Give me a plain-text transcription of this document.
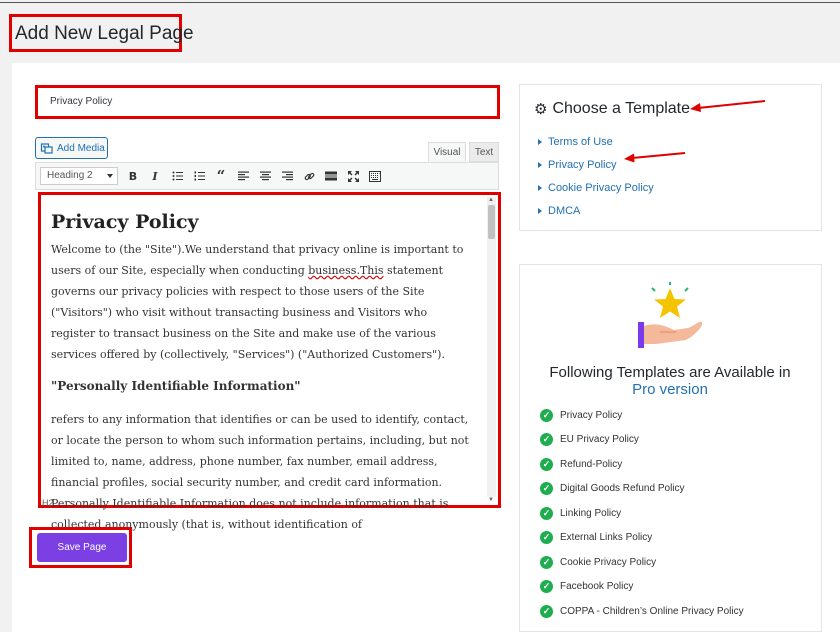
Add New Legal Page
Privacy Policy
Add Media	Visual	Text
Heading 2	B	I	“
Privacy Policy

Welcome to (the "Site").We understand that privacy online is important to users of our Site, especially when conducting business.This statement governs our privacy policies with respect to those users of the Site ("Visitors") who visit without transacting business and Visitors who register to transact business on the Site and make use of the various services offered by (collectively, "Services") ("Authorized Customers").

"Personally Identifiable Information"

refers to any information that identifies or can be used to identify, contact, or locate the person to whom such information pertains, including, but not limited to, name, address, phone number, fax number, email address, financial profiles, social security number, and credit card information. Personally Identifiable Information does not include information that is collected anonymously (that is, without identification of

▲
▼
H2
Save Page
⚙ Choose a Template
Terms of Use
Privacy Policy
Cookie Privacy Policy
DMCA
Following Templates are Available in
Pro version
✓ Privacy Policy
✓ EU Privacy Policy
✓ Refund-Policy
✓ Digital Goods Refund Policy
✓ Linking Policy
✓ External Links Policy
✓ Cookie Privacy Policy
✓ Facebook Policy
✓ COPPA - Children’s Online Privacy Policy
